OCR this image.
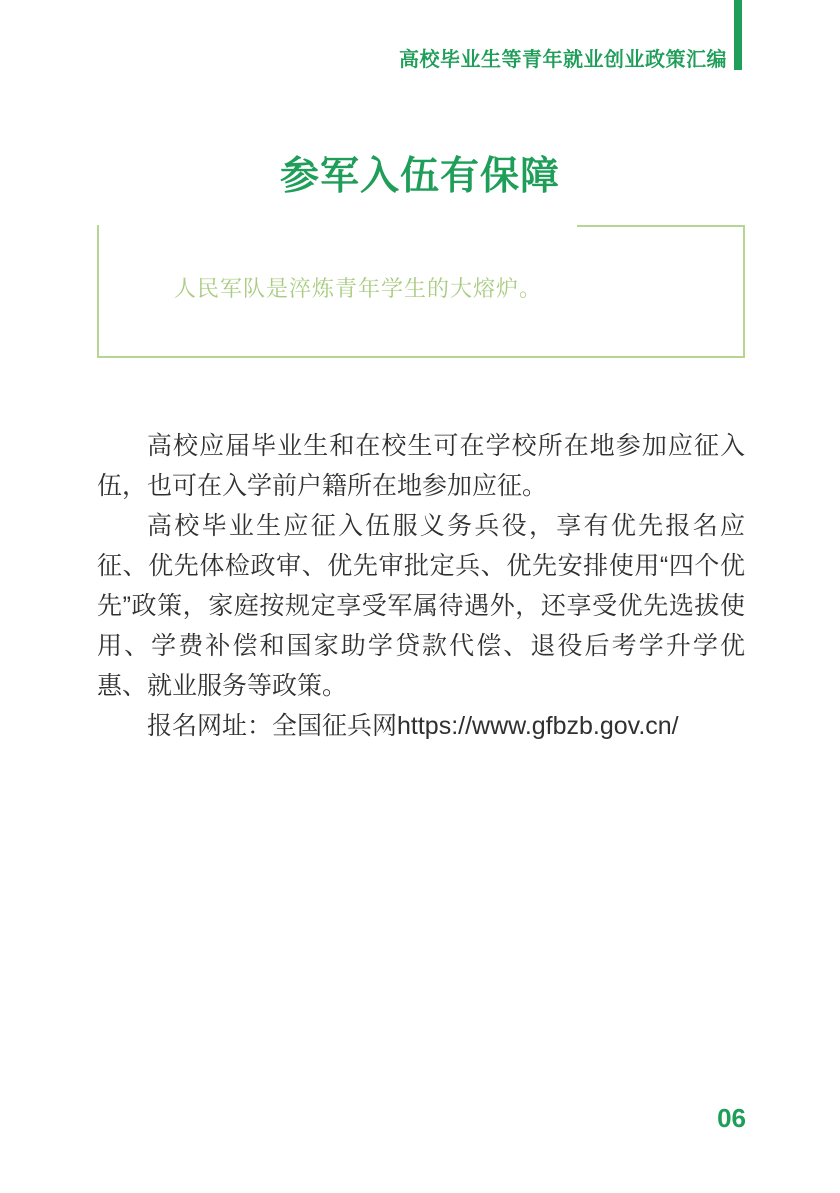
高校毕业生等青年就业创业政策汇编
参军入伍有保障
人民军队是淬炼青年学生的大熔炉。

高校应届毕业生和在校生可在学校所在地参加应征入伍，也可在入学前户籍所在地参加应征。

高校毕业生应征入伍服义务兵役，享有优先报名应征、优先体检政审、优先审批定兵、优先安排使用“四个优先”政策，家庭按规定享受军属待遇外，还享受优先选拔使用、学费补偿和国家助学贷款代偿、退役后考学升学优惠、就业服务等政策。

报名网址：全国征兵网https://www.gfbzb.gov.cn/

06
